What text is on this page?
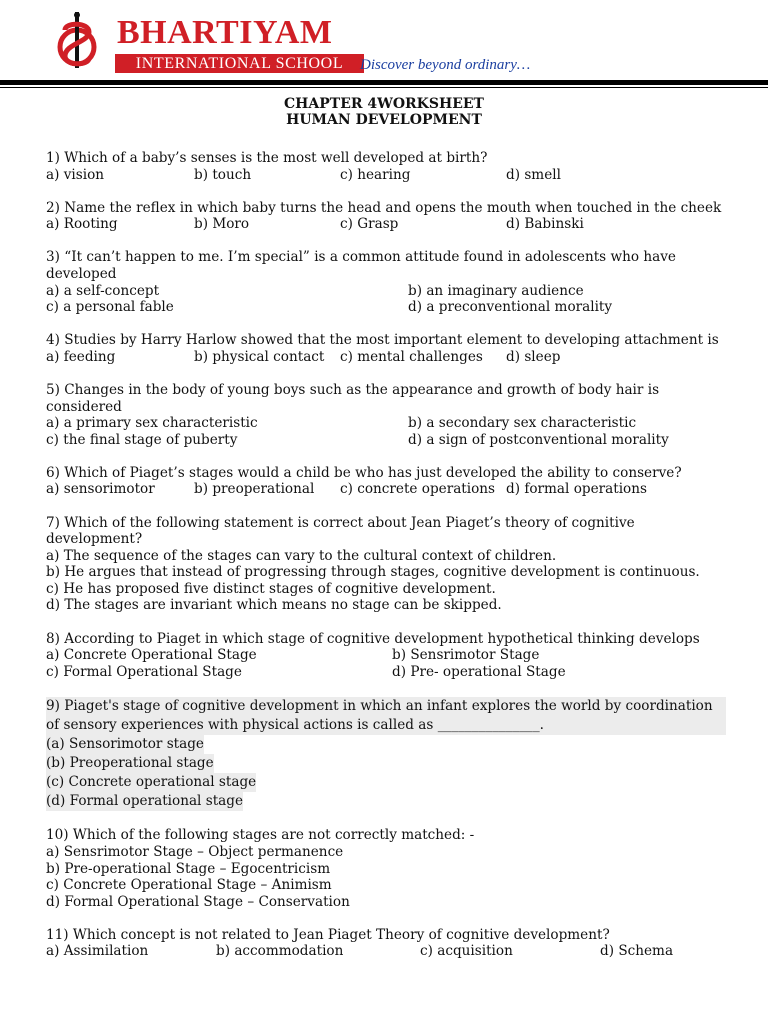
BHARTIYAM
INTERNATIONAL SCHOOL	Discover beyond ordinary…
CHAPTER 4WORKSHEET
HUMAN DEVELOPMENT
1) Which of a baby’s senses is the most well developed at birth?
a) vision	b) touch	c) hearing	d) smell
2) Name the reflex in which baby turns the head and opens the mouth when touched in the cheek
a) Rooting	b) Moro	c) Grasp	d) Babinski
3) “It can’t happen to me. I’m special” is a common attitude found in adolescents who have developed
a) a self-concept	b) an imaginary audience
c) a personal fable	d) a preconventional morality
4) Studies by Harry Harlow showed that the most important element to developing attachment is
a) feeding	b) physical contact c) mental challenges d) sleep
5) Changes in the body of young boys such as the appearance and growth of body hair is considered
a) a primary sex characteristic	b) a secondary sex characteristic
c) the final stage of puberty	d) a sign of postconventional morality
6) Which of Piaget’s stages would a child be who has just developed the ability to conserve?
a) sensorimotor	b) preoperational c) concrete operations d) formal operations
7) Which of the following statement is correct about Jean Piaget’s theory of cognitive development?
a) The sequence of the stages can vary to the cultural context of children.
b) He argues that instead of progressing through stages, cognitive development is continuous.
c) He has proposed five distinct stages of cognitive development.
d) The stages are invariant which means no stage can be skipped.
8) According to Piaget in which stage of cognitive development hypothetical thinking develops
a) Concrete Operational Stage	b) Sensrimotor Stage
c) Formal Operational Stage	d) Pre- operational Stage
9) Piaget's stage of cognitive development in which an infant explores the world by coordination of sensory experiences with physical actions is called as _______________.
(a) Sensorimotor stage
(b) Preoperational stage
(c) Concrete operational stage
(d) Formal operational stage
10) Which of the following stages are not correctly matched: -
a) Sensrimotor Stage – Object permanence
b) Pre-operational Stage – Egocentricism
c) Concrete Operational Stage – Animism
d) Formal Operational Stage – Conservation
11) Which concept is not related to Jean Piaget Theory of cognitive development?
a) Assimilation	b) accommodation	c) acquisition	d) Schema
